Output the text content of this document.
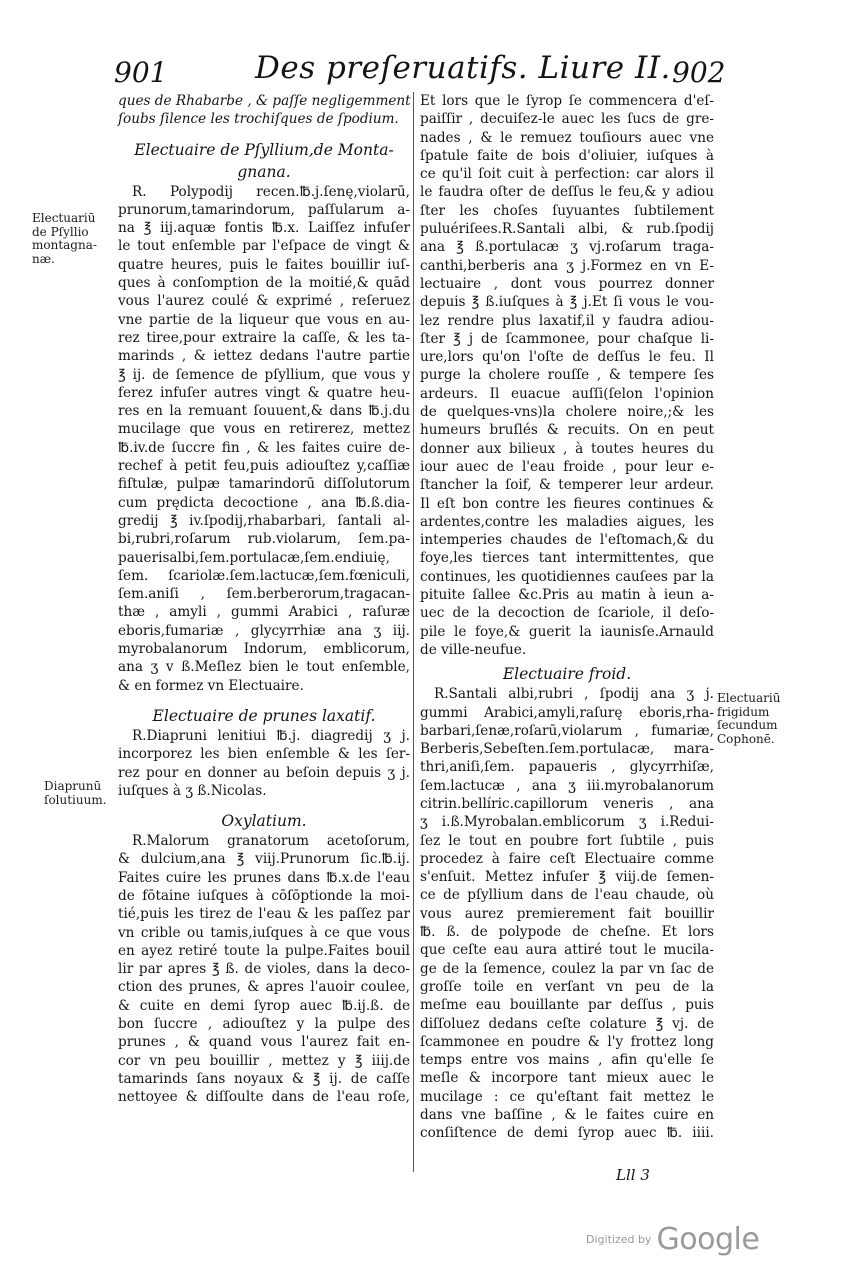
901	Des preſeruatifs. Liure II. 902
ques de Rhabarbe , & paſſe negligemment
ſoubs ſilence les trochiſques de ſpodium.
Electuaire de Pſyllium,de Monta-
gnana.
R. Polypodij recen.℔.j.ſenę,violarū,
prunorum,tamarindorum, paſſularum a-
na ℥ iij.aquæ fontis ℔.x. Laiſſez infuſer
le tout enſemble par l'eſpace de vingt &
quatre heures, puis le faites bouillir iuſ-
ques à conſomption de la moitié,& quād
vous l'aurez coulé & exprimé , reſeruez
vne partie de la liqueur que vous en au-
rez tiree,pour extraire la caſſe, & les ta-
marinds , & iettez dedans l'autre partie
℥ ij. de ſemence de pſyllium, que vous y
ferez infuſer autres vingt & quatre heu-
res en la remuant ſouuent,& dans ℔.j.du
mucilage que vous en retirerez, mettez
℔.iv.de ſuccre fin , & les faites cuire de-
rechef à petit feu,puis adiouſtez y,caſſiæ
fiſtulæ, pulpæ tamarindorū diſſolutorum
cum prędicta decoctione , ana ℔.ß.dia-
gredij ℥ iv.ſpodij,rhabarbari, ſantali al-
bi,rubri,roſarum rub.violarum, ſem.pa-
pauerisalbi,ſem.portulacæ,ſem.endiuię,
ſem. ſcariolæ.ſem.lactucæ,ſem.fœniculi,
ſem.aniſi , ſem.berberorum,tragacan-
thæ , amyli , gummi Arabici , raſuræ
eboris,fumariæ , glycyrrhiæ ana ʒ iij.
myrobalanorum Indorum, emblicorum,
ana ʒ v ß.Meſlez bien le tout enſemble,
& en formez vn Electuaire.
Electuaire de prunes laxatif.
R.Diapruni lenitiui ℔.j. diagredij ʒ j.
incorporez les bien enſemble & les ſer-
rez pour en donner au beſoin depuis ʒ j.
iuſques à ʒ ß.Nicolas.
Oxylatium.
R.Malorum granatorum acetoſorum,
& dulcium,ana ℥ viij.Prunorum ſic.℔.ij.
Faites cuire les prunes dans ℔.x.de l'eau
de fōtaine iuſques à cōſōptionde la moi-
tié,puis les tirez de l'eau & les paſſez par
vn crible ou tamis,iuſques à ce que vous
en ayez retiré toute la pulpe.Faites bouil
lir par apres ℥ ß. de violes, dans la deco-
ction des prunes, & apres l'auoir coulee,
& cuite en demi ſyrop auec ℔.ij.ß. de
bon ſuccre , adiouſtez y la pulpe des
prunes , & quand vous l'aurez fait en-
cor vn peu bouillir , mettez y ℥ iiij.de
tamarinds ſans noyaux & ℥ ij. de caſſe
nettoyee & diſſoulte dans de l'eau roſe,
Electuariū
de Pſyllio
montagna-
næ.
Diaprunū
ſolutiuum.
Et lors que le ſyrop ſe commencera d'eſ-
paiſſir , decuiſez-le auec les ſucs de gre-
nades , & le remuez touſiours auec vne
ſpatule faite de bois d'oliuier, iuſques à
ce qu'il ſoit cuit à perfection: car alors il
le faudra oſter de deſſus le feu,& y adiou
ſter les choſes ſuyuantes ſubtilement
puluériſees.R.Santali albi, & rub.ſpodij
ana ℥ ß.portulacæ ʒ vj.roſarum traga-
canthi,berberis ana ʒ j.Formez en vn E-
lectuaire , dont vous pourrez donner
depuis ℥ ß.iuſques à ℥ j.Et ſi vous le vou-
lez rendre plus laxatif,il y faudra adiou-
ſter ℥ j de ſcammonee, pour chaſque li-
ure,lors qu'on l'oſte de deſſus le feu. Il
purge la cholere rouſſe , & tempere ſes
ardeurs. Il euacue auſſi(ſelon l'opinion
de quelques-vns)la cholere noire,;& les
humeurs bruſlés & recuits. On en peut
donner aux bilieux , à toutes heures du
iour auec de l'eau froide , pour leur e-
ſtancher la ſoif, & temperer leur ardeur.
Il eſt bon contre les fieures continues &
ardentes,contre les maladies aigues, les
intemperies chaudes de l'eſtomach,& du
foye,les tierces tant intermittentes, que
continues, les quotidiennes cauſees par la
pituite ſallee &c.Pris au matin à ieun a-
uec de la decoction de ſcariole, il deſo-
pile le foye,& guerit la iaunisſe.Arnauld
de ville-neufue.
Electuaire froid.
R.Santali albi,rubri , ſpodij ana ʒ j.
gummi Arabici,amyli,raſurę eboris,rha-
barbari,ſenæ,roſarū,violarum , fumariæ,
Berberis,Sebeſten.ſem.portulacæ, mara-
thri,aniſi,ſem. papaueris , glycyrrhiſæ,
ſem.lactucæ , ana ʒ iii.myrobalanorum
citrin.bellíric.capillorum veneris , ana
ʒ i.ß.Myrobalan.emblicorum ʒ i.Redui-
ſez le tout en poubre fort ſubtile , puis
procedez à faire ceſt Electuaire comme
s'enſuit. Mettez infuſer ℥ viij.de ſemen-
ce de pſyllium dans de l'eau chaude, où
vous aurez premierement fait bouillir
℔. ß. de polypode de cheſne. Et lors
que ceſte eau aura attiré tout le mucila-
ge de la ſemence, coulez la par vn ſac de
groſſe toile en verſant vn peu de la
meſme eau bouillante par deſſus , puis
diſſoluez dedans ceſte colature ℥ vj. de
ſcammonee en poudre & l'y frottez long
temps entre vos mains , afin qu'elle ſe
meſle & incorpore tant mieux auec le
mucilage : ce qu'eſtant fait mettez le
dans vne baſſine , & le faites cuire en
conſiſtence de demi ſyrop auec ℔. iiii.
Electuariū
frigidum
ſecundum
Cophonē.
Lll 3
Digitized by Google
